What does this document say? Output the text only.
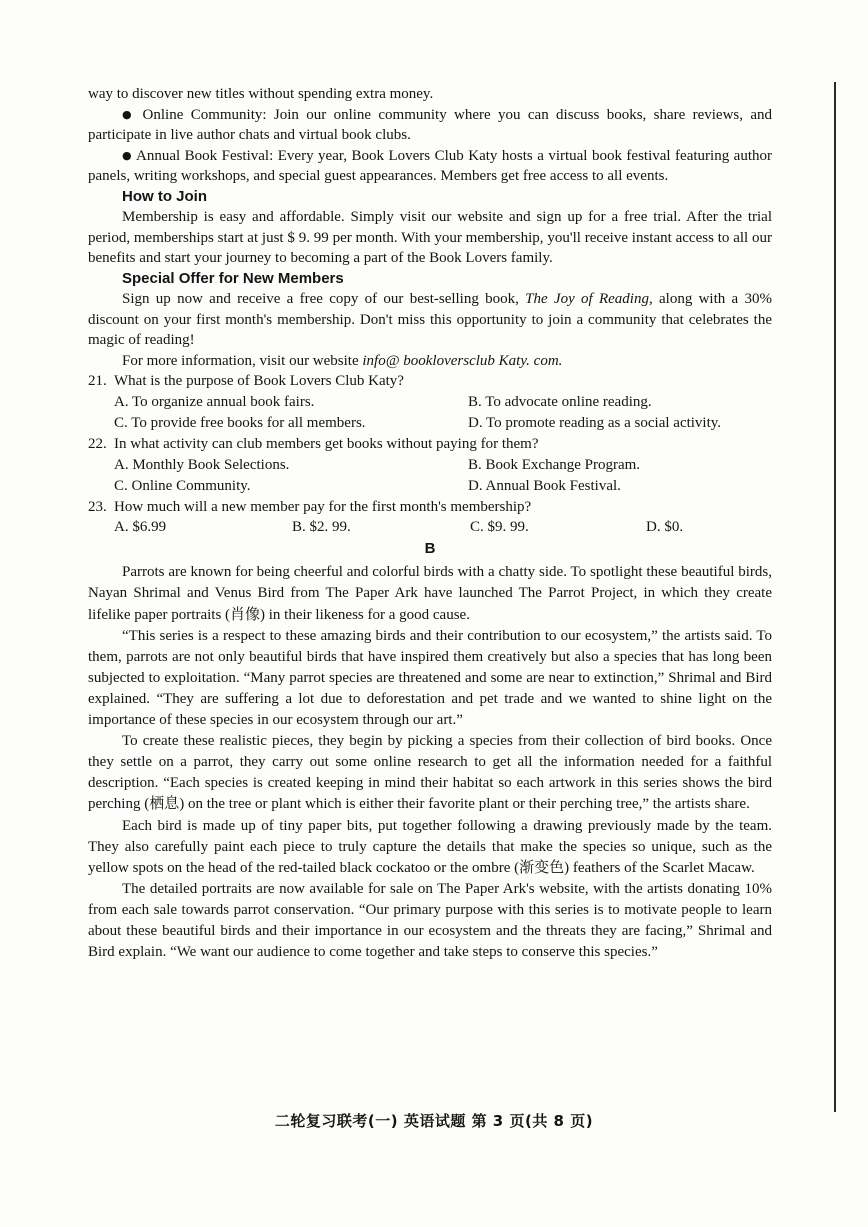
way to discover new titles without spending extra money.

● Online Community: Join our online community where you can discuss books, share reviews, and participate in live author chats and virtual book clubs.

● Annual Book Festival: Every year, Book Lovers Club Katy hosts a virtual book festival featuring author panels, writing workshops, and special guest appearances. Members get free access to all events.

How to Join

Membership is easy and affordable. Simply visit our website and sign up for a free trial. After the trial period, memberships start at just $ 9. 99 per month. With your membership, you'll receive instant access to all our benefits and start your journey to becoming a part of the Book Lovers family.

Special Offer for New Members

Sign up now and receive a free copy of our best-selling book, The Joy of Reading, along with a 30% discount on your first month's membership. Don't miss this opportunity to join a community that celebrates the magic of reading!

For more information, visit our website info@ bookloversclub Katy. com.

21. What is the purpose of Book Lovers Club Katy?
A. To organize annual book fairs.	B. To advocate online reading.
C. To provide free books for all members.	D. To promote reading as a social activity.
22. In what activity can club members get books without paying for them?
A. Monthly Book Selections.	B. Book Exchange Program.
C. Online Community.	D. Annual Book Festival.
23. How much will a new member pay for the first month's membership?
A. $6.99	B. $2. 99.	C. $9. 99.	D. $0.
B

Parrots are known for being cheerful and colorful birds with a chatty side. To spotlight these beautiful birds, Nayan Shrimal and Venus Bird from The Paper Ark have launched The Parrot Project, in which they create lifelike paper portraits (肖像) in their likeness for a good cause.

“This series is a respect to these amazing birds and their contribution to our ecosystem,” the artists said. To them, parrots are not only beautiful birds that have inspired them creatively but also a species that has long been subjected to exploitation. “Many parrot species are threatened and some are near to extinction,” Shrimal and Bird explained. “They are suffering a lot due to deforestation and pet trade and we wanted to shine light on the importance of these species in our ecosystem through our art.”

To create these realistic pieces, they begin by picking a species from their collection of bird books. Once they settle on a parrot, they carry out some online research to get all the information needed for a faithful description. “Each species is created keeping in mind their habitat so each artwork in this series shows the bird perching (栖息) on the tree or plant which is either their favorite plant or their perching tree,” the artists share.

Each bird is made up of tiny paper bits, put together following a drawing previously made by the team. They also carefully paint each piece to truly capture the details that make the species so unique, such as the yellow spots on the head of the red-tailed black cockatoo or the ombre (渐变色) feathers of the Scarlet Macaw.

The detailed portraits are now available for sale on The Paper Ark's website, with the artists donating 10% from each sale towards parrot conservation. “Our primary purpose with this series is to motivate people to learn about these beautiful birds and their importance in our ecosystem and the threats they are facing,” Shrimal and Bird explain. “We want our audience to come together and take steps to conserve this species.”

二轮复习联考(一) 英语试题 第 3 页(共 8 页)
